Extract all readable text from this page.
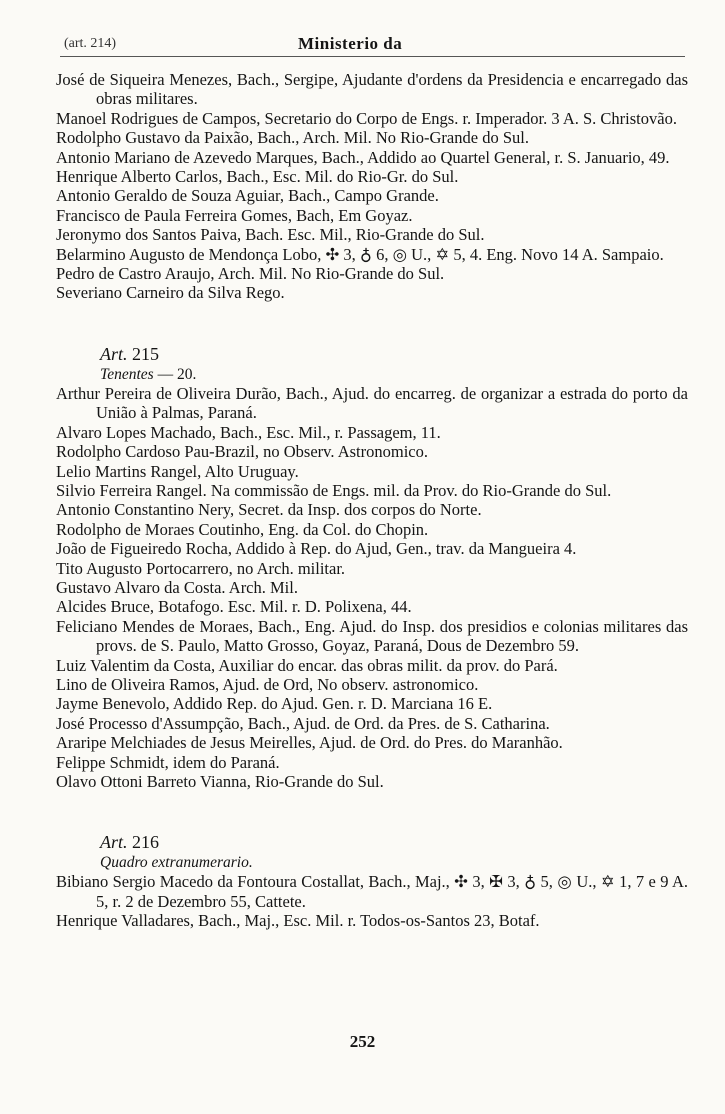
(art. 214)	Ministerio da

José de Siqueira Menezes, Bach., Sergipe, Ajudante d'ordens da Presidencia e encarregado das obras militares.

Manoel Rodrigues de Campos, Secretario do Corpo de Engs. r. Imperador. 3 A. S. Christovão.

Rodolpho Gustavo da Paixão, Bach., Arch. Mil. No Rio-Grande do Sul.

Antonio Mariano de Azevedo Marques, Bach., Addido ao Quartel General, r. S. Januario, 49.

Henrique Alberto Carlos, Bach., Esc. Mil. do Rio-Gr. do Sul.

Antonio Geraldo de Souza Aguiar, Bach., Campo Grande.

Francisco de Paula Ferreira Gomes, Bach, Em Goyaz.

Jeronymo dos Santos Paiva, Bach. Esc. Mil., Rio-Grande do Sul.

Belarmino Augusto de Mendonça Lobo, ✣ 3, ♁ 6, ◎ U., ✡ 5, 4. Eng. Novo 14 A. Sampaio.

Pedro de Castro Araujo, Arch. Mil. No Rio-Grande do Sul.

Severiano Carneiro da Silva Rego.

Art. 215

Tenentes — 20.

Arthur Pereira de Oliveira Durão, Bach., Ajud. do encarreg. de organizar a estrada do porto da União à Palmas, Paraná.

Alvaro Lopes Machado, Bach., Esc. Mil., r. Passagem, 11.

Rodolpho Cardoso Pau-Brazil, no Observ. Astronomico.

Lelio Martins Rangel, Alto Uruguay.

Silvio Ferreira Rangel. Na commissão de Engs. mil. da Prov. do Rio-Grande do Sul.

Antonio Constantino Nery, Secret. da Insp. dos corpos do Norte.

Rodolpho de Moraes Coutinho, Eng. da Col. do Chopin.

João de Figueiredo Rocha, Addido à Rep. do Ajud, Gen., trav. da Mangueira 4.

Tito Augusto Portocarrero, no Arch. militar.

Gustavo Alvaro da Costa. Arch. Mil.

Alcides Bruce, Botafogo. Esc. Mil. r. D. Polixena, 44.

Feliciano Mendes de Moraes, Bach., Eng. Ajud. do Insp. dos presidios e colonias militares das provs. de S. Paulo, Matto Grosso, Goyaz, Paraná, Dous de Dezembro 59.

Luiz Valentim da Costa, Auxiliar do encar. das obras milit. da prov. do Pará.

Lino de Oliveira Ramos, Ajud. de Ord, No observ. astronomico.

Jayme Benevolo, Addido Rep. do Ajud. Gen. r. D. Marciana 16 E.

José Processo d'Assumpção, Bach., Ajud. de Ord. da Pres. de S. Catharina.

Araripe Melchiades de Jesus Meirelles, Ajud. de Ord. do Pres. do Maranhão.

Felippe Schmidt, idem do Paraná.

Olavo Ottoni Barreto Vianna, Rio-Grande do Sul.

Art. 216

Quadro extranumerario.

Bibiano Sergio Macedo da Fontoura Costallat, Bach., Maj., ✣ 3, ✠ 3, ♁ 5, ◎ U., ✡ 1, 7 e 9 A. 5, r. 2 de Dezembro 55, Cattete.

Henrique Valladares, Bach., Maj., Esc. Mil. r. Todos-os-Santos 23, Botaf.

252
